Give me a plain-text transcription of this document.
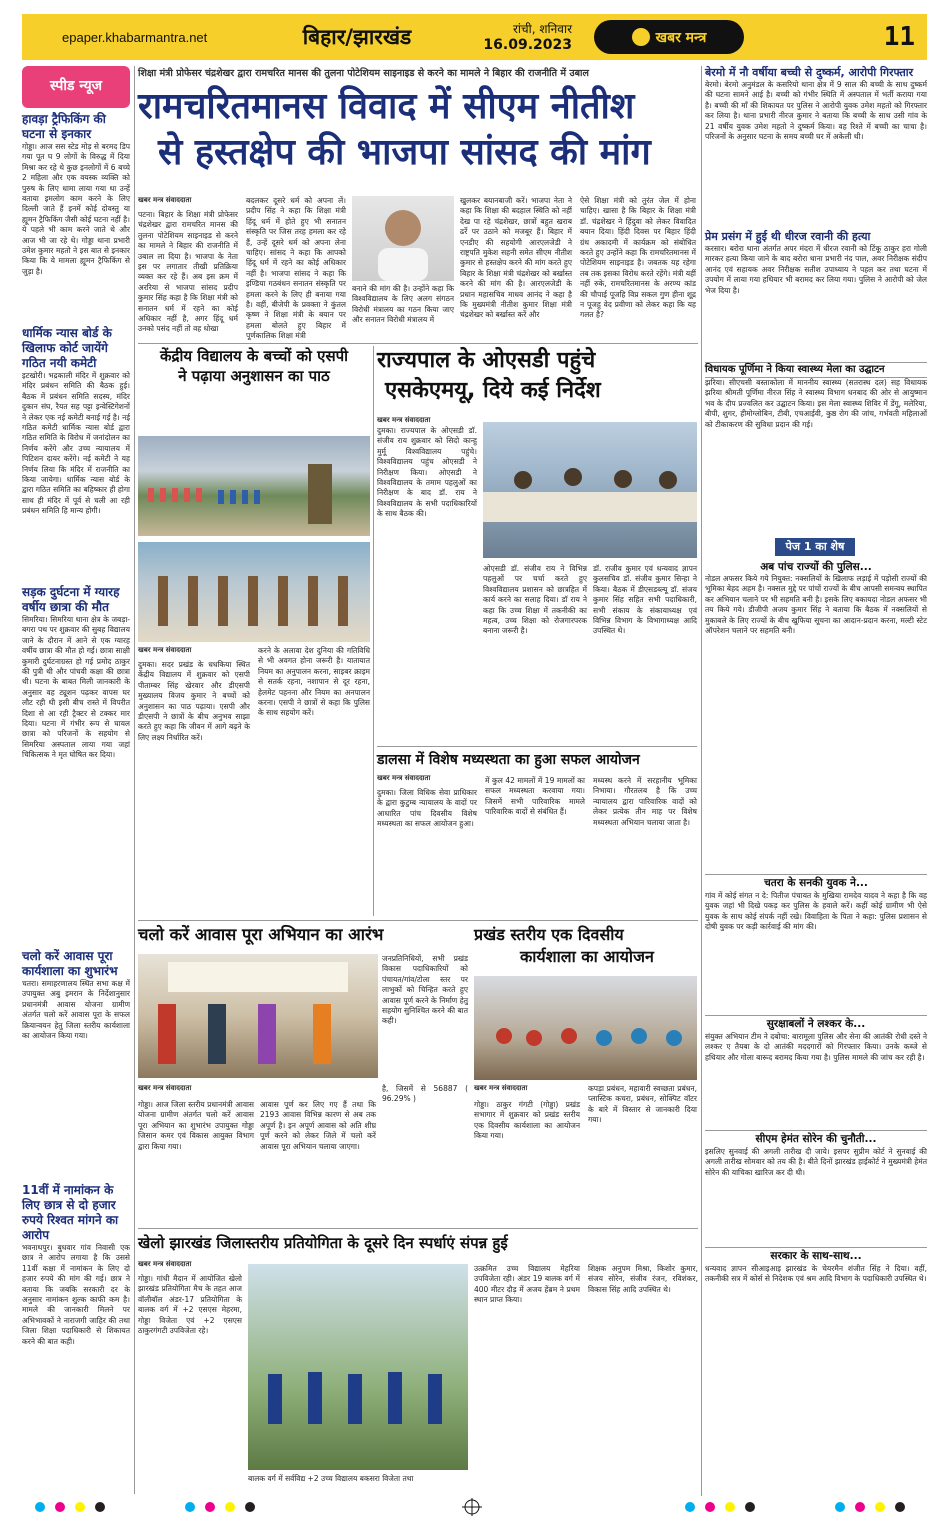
epaper.khabarmantra.net	बिहार/झारखंड	रांची, शनिवार
16.09.2023	खबर मन्त्र	11
स्पीड न्यूज
हावड़ा ट्रैफिकिंग की घटना से इनकार
गोड्डा। आज सस स्टेड मोड़ से बरमद डिप गया पूत घ 9 लोगों के विरुद्ध में दिया मिश्रा कर रहे थे कुछ इनलोगों में 6 बच्चे 2 महिला और एक वयस्क व्यक्ति को पुरुष के लिए धामा लाया गया था उन्हें बताया इमलोग काम करने के लिए दिल्ली जाते हैं इनमें कोई दोवस्तु या ह्यूमन ट्रैफिकिंग जैसी कोई घटना नहीं है। ये पहले भी काम करने जाते थे और आज भी जा रहे थे। गोड्डा थाना प्रभारी उमेश कुमार महतो ने इस बात से इनकार किया कि ये मामला ह्यूमन ट्रैफिकिंग से जुड़ा है।
धार्मिक न्यास बोर्ड के खिलाफ कोर्ट जायेंगे गठित नयी कमेटी
इटखोरी। भद्रकाली मंदिर में शुक्रवार को मंदिर प्रबंधन समिति की बैठक हुई। बैठक में प्रबंधन समिति सदस्य, मंदिर दुकान संघ, रैयत सह पट्टा इन्वेस्टिगेशनों ने लेकर एक नई कमेटी बनाई गई है। नई गठित कमेटी धार्मिक न्यास बोर्ड द्वारा गठित समिति के विरोध में जनांदोलन का निर्णय करेंगे और उच्च न्यायालय में पिटिशन दायर करेंगे। नई कमेटी ने यह निर्णय लिया कि मंदिर में राजनीति का किया जायेगा। धार्मिक न्यास बोर्ड के द्वारा गठित समिति का बहिष्कार ही होगा साथ ही मंदिर में पूर्व से चली आ रही प्रबंधन समिति हि मान्य होगी।
सड़क दुर्घटना में ग्यारह वर्षीय छात्रा की मौत
सिमरिया। सिमरिया थाना क्षेत्र के जबड़ा-बगरा पथ पर शुक्रवार की सुबह विद्यालय जाने के दौरान में आने से एक ग्यारह वर्षीय छात्रा की मौत हो गई। छात्रा साक्षी कुमारी दुर्घटनाग्रस्त हो गई प्रमोद ठाकुर की पुत्री थी और पांचवी कक्षा की छात्रा थी। घटना के बाबत मिली जानकारी के अनुसार वह ट्यूशन पढ़कर वापस घर लौट रही थी इसी बीच रास्ते में विपरीत दिशा से आ रही ट्रैक्टर से टक्कर मार दिया। घटना में गंभीर रूप से घायल छात्रा को परिजनों के सहयोग से सिमरिया अस्पताल लाया गया जहां चिकित्सक ने मृत घोषित कर दिया।
चलो करें आवास पूरा कार्यशाला का शुभारंभ
चतरा। समाहरणालय स्थित सभा कक्ष में उपायुक्त अबु इमरान के निर्देशानुसार प्रधानमंत्री आवास योजना ग्रामीण अंतर्गत चलो करें आवास पूरा के सफल क्रियान्वयन हेतु जिला स्तरीय कार्यशाला का आयोजन किया गया।
11वीं में नामांकन के लिए छात्र से दो हजार रुपये रिश्वत मांगने का आरोप
भवनाथपुर। बुधवार गांव निवासी एक छात्र ने आरोप लगाया है कि उससे 11वीं कक्षा में नामांकन के लिए दो हजार रुपये की मांग की गई। छात्र ने बताया कि जबकि सरकारी दर के अनुसार नामांकन शुल्क काफी कम है। मामले की जानकारी मिलने पर अभिभावकों ने नाराजगी जाहिर की तथा जिला शिक्षा पदाधिकारी से शिकायत करने की बात कही।
शिक्षा मंत्री प्रोफेसर चंद्रशेखर द्वारा रामचरित मानस की तुलना पोटेशियम साइनाइड से करने का मामले ने बिहार की राजनीति में उबाल
रामचरितमानस विवाद में सीएम नीतीश
से हस्तक्षेप की भाजपा सांसद की मांग
खबर मन्त्र संवाददाता
पटना। बिहार के शिक्षा मंत्री प्रोफेसर चंद्रशेखर द्वारा रामचरित मानस की तुलना पोटेशियम साइनाइड से करने का मामले ने बिहार की राजनीति में उबाल ला दिया है। भाजपा के नेता इस पर लगातार तीखी प्रतिक्रिया व्यक्त कर रहे हैं। अब इस क्रम में अररिया से भाजपा सांसद प्रदीप कुमार सिंह कहा है कि शिक्षा मंत्री को सनातन धर्म में रहने का कोई अधिकार नहीं है, अगर हिंदू धर्म उनको पसंद नहीं तो वह धोखा
बदलकर दूसरे धर्म को अपना लें। प्रदीप सिंह ने कहा कि शिक्षा मंत्री हिंदू धर्म में होते हुए भी सनातन संस्कृति पर जिस तरह हमला कर रहे हैं, उन्हें दूसरे धर्म को अपना लेना चाहिए। सांसद ने कहा कि आपको हिंदू धर्म में रहने का कोई अधिकार नहीं है। भाजपा सांसद ने कहा कि इण्डिया गठबंधन सनातन संस्कृति पर हमला करने के लिए ही बनाया गया है। वहीं, बीजेपी के प्रवक्ता ने कुंतल कृष्ण ने शिक्षा मंत्री के बयान पर हमला बोलते हुए बिहार में पूर्णकालिक शिक्षा मंत्री
बनाने की मांग की है। उन्होंने कहा कि विश्वविद्यालय के लिए अलग संगठन विरोधी मंत्रालय का गठन किया जाए और सनातन विरोधी मंत्रालय में
खुलकर बयानबाजी करें। भाजपा नेता ने कहा कि शिक्षा की बदहाल स्थिति को नहीं देख पा रहे चंद्रशेखर, छात्रों बहुत खराब ढर्रे पर उठाने को मजबूर हैं। बिहार में एनडीए की सहयोगी आरएलजेडी ने राष्ट्रपति मुकेश सहनी समेत सीएम नीतीश कुमार से हस्तक्षेप करने की मांग करते हुए बिहार के शिक्षा मंत्री चंद्रशेखर को बर्खास्त करने की मांग की है। आरएलजेडी के प्रधान महासचिव माधव आनंद ने कहा है कि मुख्यमंत्री नीतीश कुमार शिक्षा मंत्री चंद्रशेखर को बर्खास्त करें और
ऐसे शिक्षा मंत्री को तुरंत जेल में होना चाहिए। खासा है कि बिहार के शिक्षा मंत्री डॉ. चंद्रशेखर ने हिंदुवा को लेकर विवादित बयान दिया। हिंदी दिवस पर बिहार हिंदी ग्रंथ अकादमी में कार्यक्रम को संबोधित करते हुए उन्होंने कहा कि रामचरितमानस में पोटेशियम साइनाइड है। जबतक यह रहेगा तब तक इसका विरोध करते रहेंगे। मंत्री यहीं नहीं रुके, रामचरितमानस के अरण्य कांड की चौपाई पूजहि विप्र सकल गुण हीना शूद्र न पूजहु वेद प्रवीणा को लेकर कहा कि यह गलत है?
केंद्रीय विद्यालय के बच्चों को एसपी
ने पढ़ाया अनुशासन का पाठ
खबर मन्त्र संवाददाता
दुमका। सदर प्रखंड के धधकिया स्थित केंद्रीय विद्यालय में शुक्रवार को एसपी पीताम्बर सिंह खेरवार और डीएसपी मुख्यालय विजय कुमार ने बच्चों को अनुशासन का पाठ पढ़ाया। एसपी और डीएसपी ने छात्रों के बीच अनुभव साझा करते हुए कहा कि जीवन में आगे बढ़ने के लिए लक्ष्य निर्धारित करें।
करने के अलावा देश दुनिया की गतिविधि से भी अवगत होना जरूरी है। यातायात नियम का अनुपालन करना, साइबर क्राइम से सतर्क रहना, नशापान से दूर रहना, हेलमेट पहनना और नियम का अनपालन करना। एसपी ने छात्रों से कहा कि पुलिस के साथ सहयोग करें।
राज्यपाल के ओएसडी पहुंचे
एसकेएमयू, दिये कई निर्देश
खबर मन्त्र संवाददाता
दुमका। राज्यपाल के ओएसडी डॉ. संजीव राय शुक्रवार को सिदो कान्हु मुर्मू विश्वविद्यालय पहुंचे। विश्वविद्यालय पहुंच ओएसडी ने निरीक्षण किया। ओएसडी ने विश्वविद्यालय के तमाम पहलुओं का निरीक्षण के बाद डॉ. राय ने विश्वविद्यालय के सभी पदाधिकारियों के साथ बैठक की।
ओएसडी डॉ. संजीव राय ने विभिन्न पहलुओं पर चर्चा करते हुए विश्वविद्यालय प्रशासन को छात्रहित में कार्य करने का सलाह दिया। डॉ राय ने कहा कि उच्च शिक्षा में तकनीकी का महत्व, उच्च शिक्षा को रोजगारपरक बनाना जरूरी है।
डॉ. राजीव कुमार एवं धन्यवाद ज्ञापन कुलसचिव डॉ. संजीव कुमार सिन्हा ने किया। बैठक में डीएसडब्ल्यू डॉ. संजय कुमार सिंह सहित सभी पदाधिकारी, सभी संकाय के संकायाध्यक्ष एवं विभिन्न विभाग के विभागाध्यक्ष आदि उपस्थित थे।
डालसा में विशेष मध्यस्थता का हुआ सफल आयोजन
खबर मन्त्र संवाददाता
दुमका। जिला विधिक सेवा प्राधिकार के द्वारा कुटुम्ब न्यायालय के वादों पर आधारित पांच दिवसीय विशेष मध्यस्थता का सफल आयोजन हुआ।
में कुल 42 मामलों में 19 मामलों का सफल मध्यस्थता करवाया गया। जिसमें सभी पारिवारिक मामले पारिवारिक वादों से संबंधित हैं।
मध्यस्थ करने में सरहानीय भूमिका निभाया। गौरतलब है कि उच्च न्यायालय द्वारा पारिवारिक वादों को लेकर प्रत्येक तीन माह पर विशेष मध्यस्थता अभियान चलाया जाता है।
चलो करें आवास पूरा अभियान का आरंभ
है, जिसमें से 56887 ( 96.29% )
खबर मन्त्र संवाददाता
गोड्डा। आज जिला स्तरीय प्रधानमंत्री आवास योजना ग्रामीण अंतर्गत चलो करें आवास पूरा अभियान का शुभारंभ उपायुक्त गोड्डा जिसान कमर एवं विकास आयुक्त विभाग द्वारा किया गया।
आवास पूर्ण कर लिए गए हैं तथा कि 2193 आवास विभिन्न कारण से अब तक अपूर्ण है। इन अपूर्ण आवास को अति शीघ्र पूर्ण करने को लेकर जिले में चलो करें आवास पूरा अभियान चलाया जाएगा।
जनप्रतिनिधियों, सभी प्रखंड विकास पदाधिकारियों को पंचायत/गांव/टोला स्तर पर लाभुकों को चिन्हित करते हुए आवास पूर्ण करने के निर्माण हेतु सहयोग सुनिश्चित करने की बात कही।
प्रखंड स्तरीय एक दिवसीय
कार्यशाला का आयोजन
खबर मन्त्र संवाददाता
गोड्डा। ठाकुर गंगटी (गोड्डा) प्रखंड सभागार में शुक्रवार को प्रखंड स्तरीय एक दिवसीय कार्यशाला का आयोजन किया गया।
कपड़ा प्रबंधन, महावारी स्वच्छता प्रबंधन, प्लास्टिक कचरा, प्रबंधन, सोक्पिट वॉटर के बारे में विस्तार से जानकारी दिया गया।
खेलो झारखंड जिलास्तरीय प्रतियोगिता के दूसरे दिन स्पर्धाएं संपन्न हुई
खबर मन्त्र संवाददाता
गोड्डा। गांधी मैदान में आयोजित खेलो झारखंड प्रतियोगिता मैच के तहत आज वॉलीबॉल अंडर-17 प्रतियोगिता के बालक वर्ग में +2 एसएस मेहरमा, गोड्डा विजेता एवं +2 एसएस ठाकुरगंगटी उपविजेता रहे।
बालक वर्ग में सर्वविद्य +2 उच्च विद्यालय बकसरा विजेता तथा
उत्क्रमित उच्च विद्यालय मेहरिया उपविजेता रही। अंडर 19 बालक वर्ग में 400 मीटर दौड़ में अजय हेंब्रम ने प्रथम स्थान प्राप्त किया।
शिक्षक अनुपम मिश्रा, किशोर कुमार, संजय सोरेन, संजीव रंजन, रविशंकर, विकास सिंह आदि उपस्थित थे।
बेरमो में नौ वर्षीया बच्ची से दुष्कर्म, आरोपी गिरफ्तार
बेरमो। बेरमो अनुमंडल के कसरियो थाना क्षेत्र में 9 साल की बच्ची के साथ दुष्कर्म की घटना सामने आई है। बच्ची को गंभीर स्थिति में अस्पताल में भर्ती कराया गया है। बच्ची की माँ की शिकायत पर पुलिस ने आरोपी युवक उमेश महतो को गिरफ्तार कर लिया है। थाना प्रभारी नीरज कुमार ने बताया कि बच्ची के साथ उसी गांव के 21 वर्षीय युवक उमेश महतो ने दुष्कर्म किया। वह रिश्ते में बच्ची का चाचा है। परिजनों के अनुसार घटना के समय बच्ची घर में अकेली थी।
प्रेम प्रसंग में हुई थी धीरज रवानी की हत्या
करसार। बरोरा थाना अंतर्गत अपर मंदरा में धीरज रवानी को टिंकू ठाकुर हरा गोली मारकर हत्या किया जाने के बाद बरोरा थाना प्रभारी नंद पाल, अवर निरीक्षक संदीप आनंद एवं सहायक अवर निरीक्षक सतीश उपाध्याय ने पहल कर तथा घटना में उपयोग में लाया गया हथियार भी बरामद कर लिया गया। पुलिस ने आरोपी को जेल भेज दिया है।
विधायक पूर्णिमा ने किया स्वास्थ्य मेला का उद्घाटन
झरिया। सीएचसी बस्ताकोला में माननीय स्वास्थ्य (सतरास्थ दल) सह विधायक झरिया श्रीमती पूर्णिमा नीरज सिंह ने स्वास्थ्य विभाग धनबाद की ओर से आयुष्मान भव के दीप प्रज्वलित कर उद्घाटन किया। इस मेला स्वास्थ्य शिविर में डेंगू, मलेरिया, बीपी, शुगर, हीमोग्लोबिन, टीबी, एचआईवी, कुष्ठ रोग की जांच, गर्भवती महिलाओं को टीकाकरण की सुविधा प्रदान की गई।
पेज 1 का शेष
अब पांच राज्यों की पुलिस...
नोडल अफसर किये गये नियुक्त: नक्सलियों के खिलाफ लड़ाई में पड़ोसी राज्यों की भूमिका बेहद अहम है। नक्सल मुद्दे पर पांचों राज्यों के बीच आपसी समन्वय स्थापित कर अभियान चलाने पर भी सहमति बनी है। इसके लिए बकायदा नोडल अफसर भी तय किये गये। डीजीपी अजय कुमार सिंह ने बताया कि बैठक में नक्सलियों से मुकाबले के लिए राज्यों के बीच खुफिया सूचना का आदान-प्रदान करना, मल्टी स्टेट ऑपरेशन चलाने पर सहमति बनी।
चतरा के सनकी युवक ने...
गांव में कोई संगत न दे: पितीज पंचायत के मुखिया रामदेव यादव ने कहा है कि वह युवक जहां भी दिखे पकड़ कर पुलिस के हवाले करें। कहीं कोई ग्रामीण भी ऐसे युवक के साथ कोई संपर्क नहीं रखे। विवाहिता के पिता ने कहा: पुलिस प्रशासन से दोषी युवक पर कड़ी कार्रवाई की मांग की।
सुरक्षाबलों ने लश्कर के...
संयुक्त अभियान टीम ने दबोचा: बारामूला पुलिस और सेना की आतंकी रोधी दस्ते ने लश्कर ए तैयबा के दो आतंकी मददगारों को गिरफ्तार किया। उनके कब्जे से हथियार और गोला बारूद बरामद किया गया है। पुलिस मामले की जांच कर रही है।
सीएम हेमंत सोरेन की चुनौती...
इसलिए सुनवाई की अगली तारीख दी जाये। इसपर सुप्रीम कोर्ट ने सुनवाई की अगली तारीख सोमवार को तय की है। बीते दिनों झारखंड हाईकोर्ट ने मुख्यमंत्री हेमंत सोरेन की याचिका खारिज कर दी थी।
सरकार के साथ-साथ...
धन्यवाद ज्ञापन सीआइआइ झारखंड के चेयरमैन शंजीत सिंह ने दिया। वहीं, तकनीकी सत्र में कोर्स से निदेशक एवं श्रम आदि विभाग के पदाधिकारी उपस्थित थे।
